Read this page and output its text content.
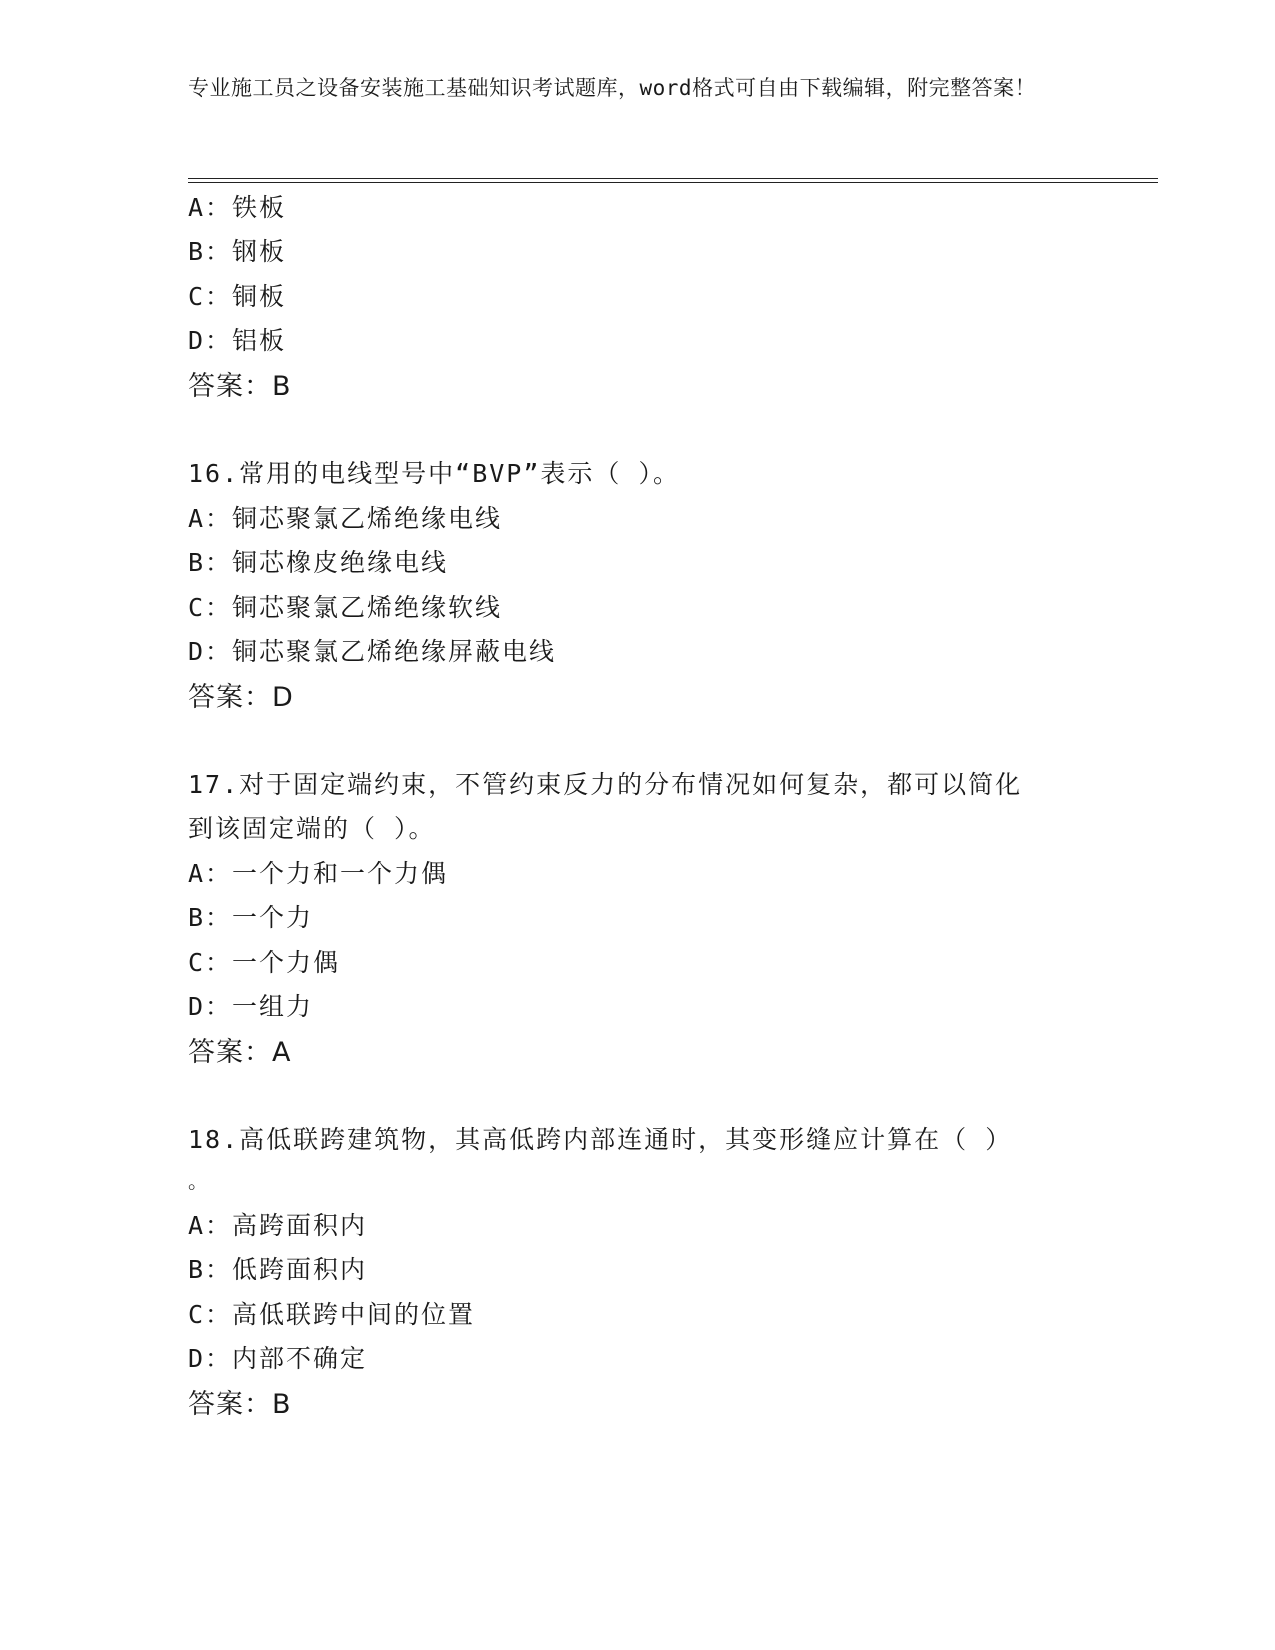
专业施工员之设备安装施工基础知识考试题库，word格式可自由下载编辑，附完整答案！
A：铁板
B：钢板
C：铜板
D：铝板
答案：B
16.常用的电线型号中“BVP”表示（ ）。
A：铜芯聚氯乙烯绝缘电线
B：铜芯橡皮绝缘电线
C：铜芯聚氯乙烯绝缘软线
D：铜芯聚氯乙烯绝缘屏蔽电线
答案：D
17.对于固定端约束，不管约束反力的分布情况如何复杂，都可以简化
到该固定端的（ ）。
A：一个力和一个力偶
B：一个力
C：一个力偶
D：一组力
答案：A
18.高低联跨建筑物，其高低跨内部连通时，其变形缝应计算在（ ）
。
A：高跨面积内
B：低跨面积内
C：高低联跨中间的位置
D：内部不确定
答案：B
